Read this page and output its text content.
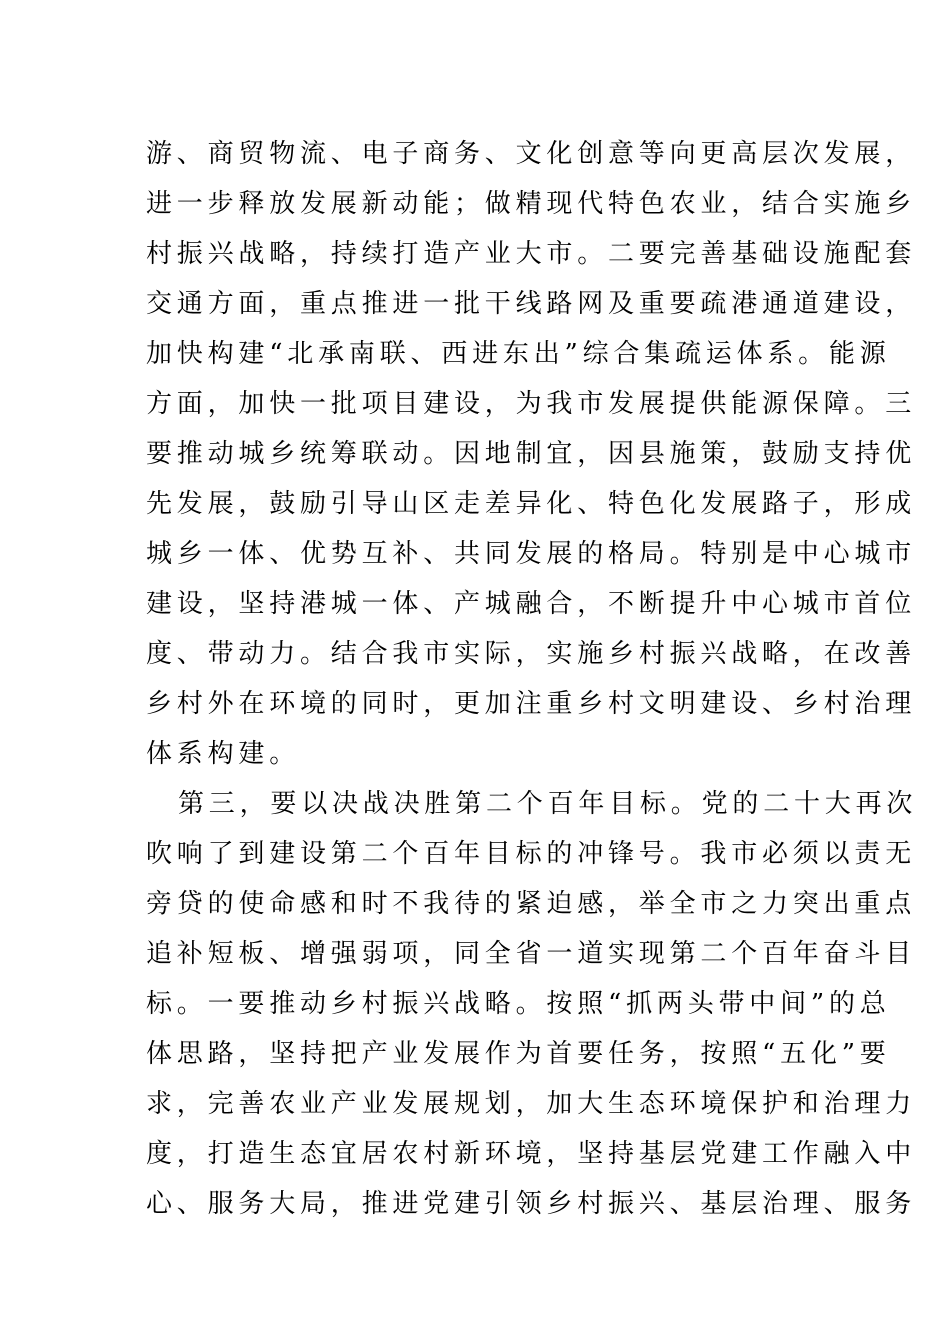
游、商贸物流、电子商务、文化创意等向更高层次发展，
进一步释放发展新动能；做精现代特色农业，结合实施乡
村振兴战略，持续打造产业大市。二要完善基础设施配套
交通方面，重点推进一批干线路网及重要疏港通道建设，
加快构建“北承南联、西进东出”综合集疏运体系。能源
方面，加快一批项目建设，为我市发展提供能源保障。三
要推动城乡统筹联动。因地制宜，因县施策，鼓励支持优
先发展，鼓励引导山区走差异化、特色化发展路子，形成
城乡一体、优势互补、共同发展的格局。特别是中心城市
建设，坚持港城一体、产城融合，不断提升中心城市首位
度、带动力。结合我市实际，实施乡村振兴战略，在改善
乡村外在环境的同时，更加注重乡村文明建设、乡村治理
体系构建。
第三，要以决战决胜第二个百年目标。党的二十大再次
吹响了到建设第二个百年目标的冲锋号。我市必须以责无
旁贷的使命感和时不我待的紧迫感，举全市之力突出重点
追补短板、增强弱项，同全省一道实现第二个百年奋斗目
标。一要推动乡村振兴战略。按照“抓两头带中间”的总
体思路，坚持把产业发展作为首要任务，按照“五化”要
求，完善农业产业发展规划，加大生态环境保护和治理力
度，打造生态宜居农村新环境，坚持基层党建工作融入中
心、服务大局，推进党建引领乡村振兴、基层治理、服务
